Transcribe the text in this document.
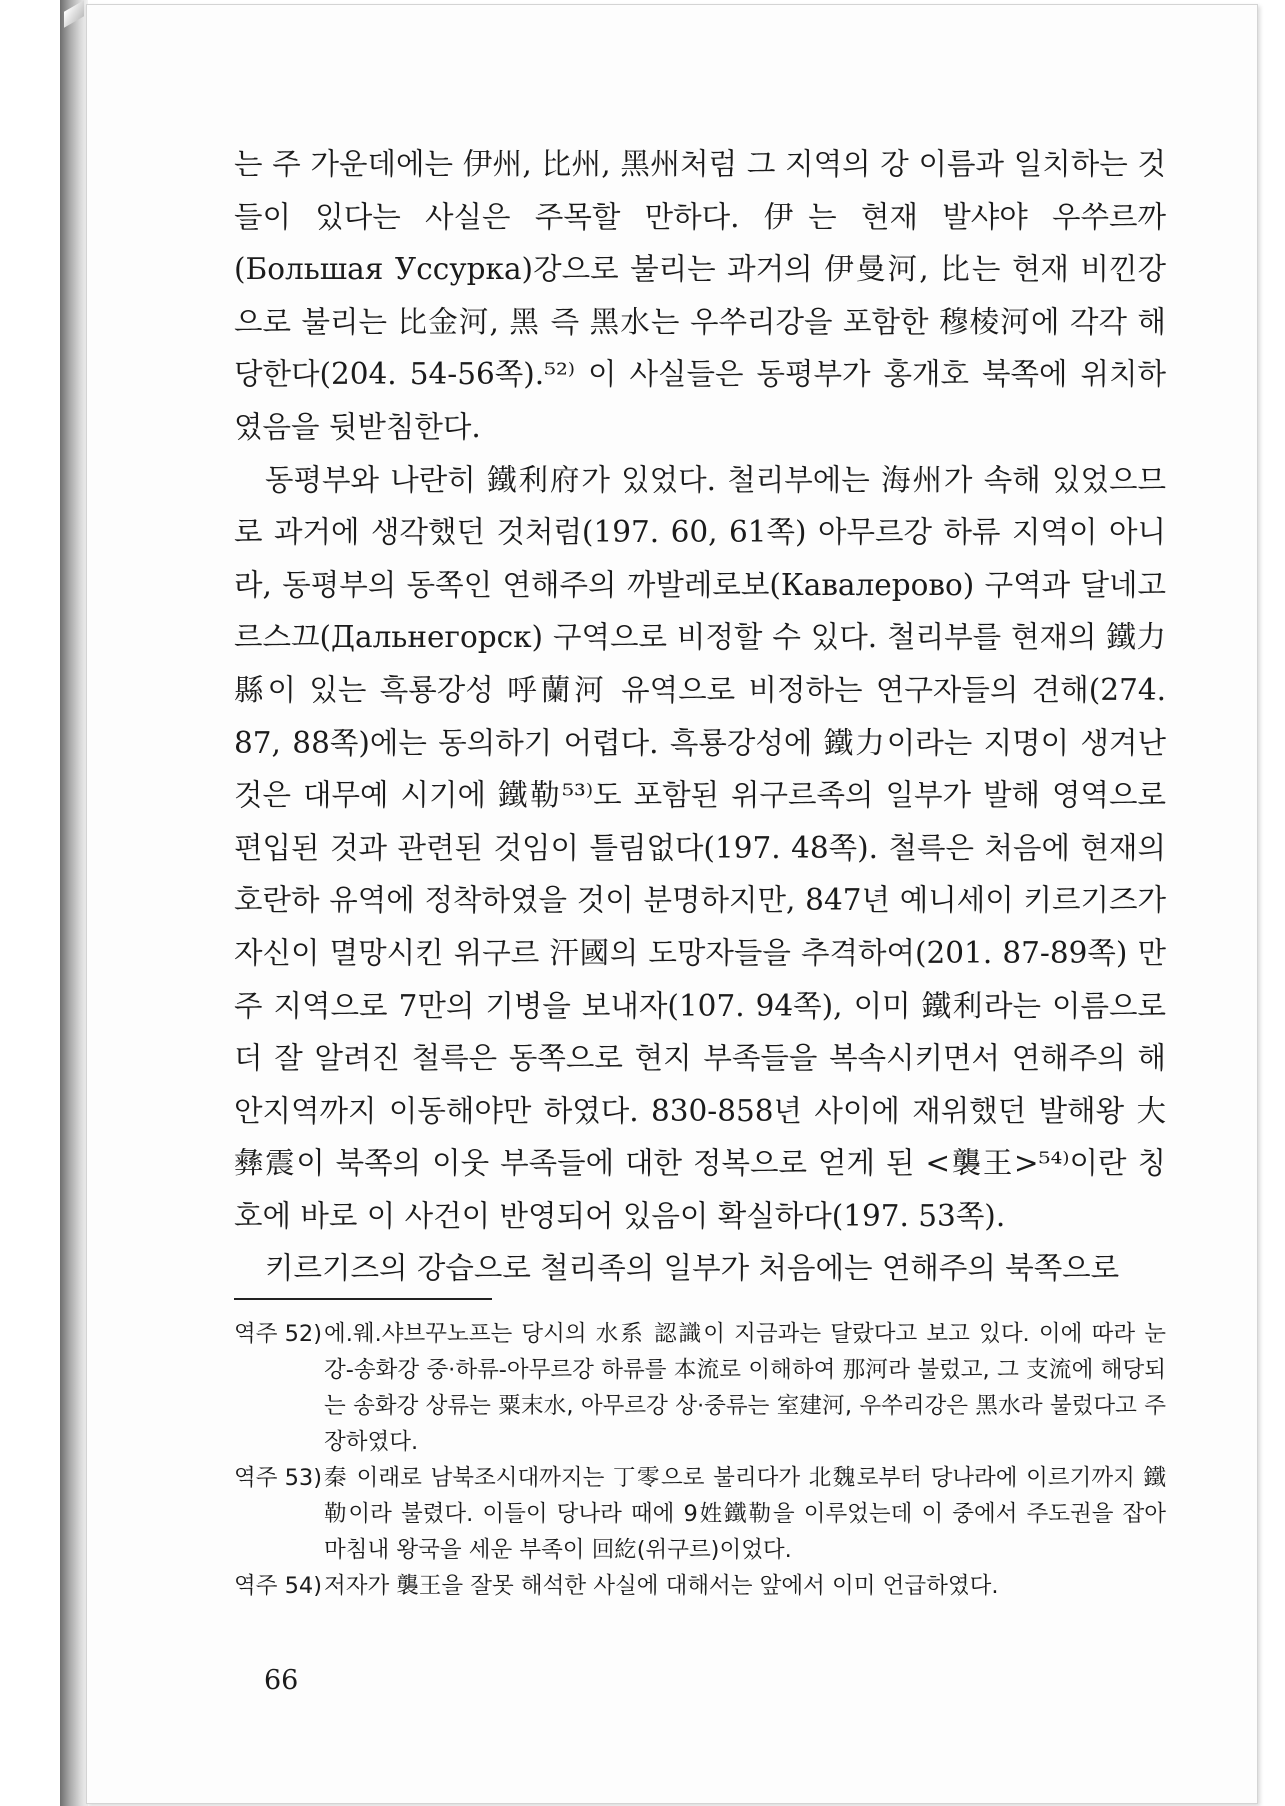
는 주 가운데에는 伊州, 比州, 黑州처럼 그 지역의 강 이름과 일치하는 것들이 있다는 사실은 주목할 만하다. 伊는 현재 발샤야 우쑤르까(Большая Уссурка)강으로 불리는 과거의 伊曼河, 比는 현재 비낀강으로 불리는 比金河, 黑 즉 黑水는 우쑤리강을 포함한 穆棱河에 각각 해당한다(204. 54-56쪽).⁵²⁾ 이 사실들은 동평부가 홍개호 북쪽에 위치하였음을 뒷받침한다.

동평부와 나란히 鐵利府가 있었다. 철리부에는 海州가 속해 있었으므로 과거에 생각했던 것처럼(197. 60, 61쪽) 아무르강 하류 지역이 아니라, 동평부의 동쪽인 연해주의 까발레로보(Кавалерово) 구역과 달네고르스끄(Дальнегорск) 구역으로 비정할 수 있다. 철리부를 현재의 鐵力縣이 있는 흑룡강성 呼蘭河 유역으로 비정하는 연구자들의 견해(274. 87, 88쪽)에는 동의하기 어렵다. 흑룡강성에 鐵力이라는 지명이 생겨난 것은 대무예 시기에 鐵勒⁵³⁾도 포함된 위구르족의 일부가 발해 영역으로 편입된 것과 관련된 것임이 틀림없다(197. 48쪽). 철륵은 처음에 현재의 호란하 유역에 정착하였을 것이 분명하지만, 847년 예니세이 키르기즈가 자신이 멸망시킨 위구르 汗國의 도망자들을 추격하여(201. 87-89쪽) 만주 지역으로 7만의 기병을 보내자(107. 94쪽), 이미 鐵利라는 이름으로 더 잘 알려진 철륵은 동쪽으로 현지 부족들을 복속시키면서 연해주의 해안지역까지 이동해야만 하였다. 830-858년 사이에 재위했던 발해왕 大彝震이 북쪽의 이웃 부족들에 대한 정복으로 얻게 된 <襲王>⁵⁴⁾이란 칭호에 바로 이 사건이 반영되어 있음이 확실하다(197. 53쪽).

키르기즈의 강습으로 철리족의 일부가 처음에는 연해주의 북쪽으로

역주 52) 에.웨.샤브꾸노프는 당시의 水系 認識이 지금과는 달랐다고 보고 있다. 이에 따라 눈강-송화강 중·하류-아무르강 하류를 本流로 이해하여 那河라 불렀고, 그 支流에 해당되는 송화강 상류는 粟末水, 아무르강 상·중류는 室建河, 우쑤리강은 黑水라 불렀다고 주장하였다.
역주 53) 秦 이래로 남북조시대까지는 丁零으로 불리다가 北魏로부터 당나라에 이르기까지 鐵勒이라 불렸다. 이들이 당나라 때에 9姓鐵勒을 이루었는데 이 중에서 주도권을 잡아 마침내 왕국을 세운 부족이 回紇(위구르)이었다.
역주 54) 저자가 襲王을 잘못 해석한 사실에 대해서는 앞에서 이미 언급하였다.
66
